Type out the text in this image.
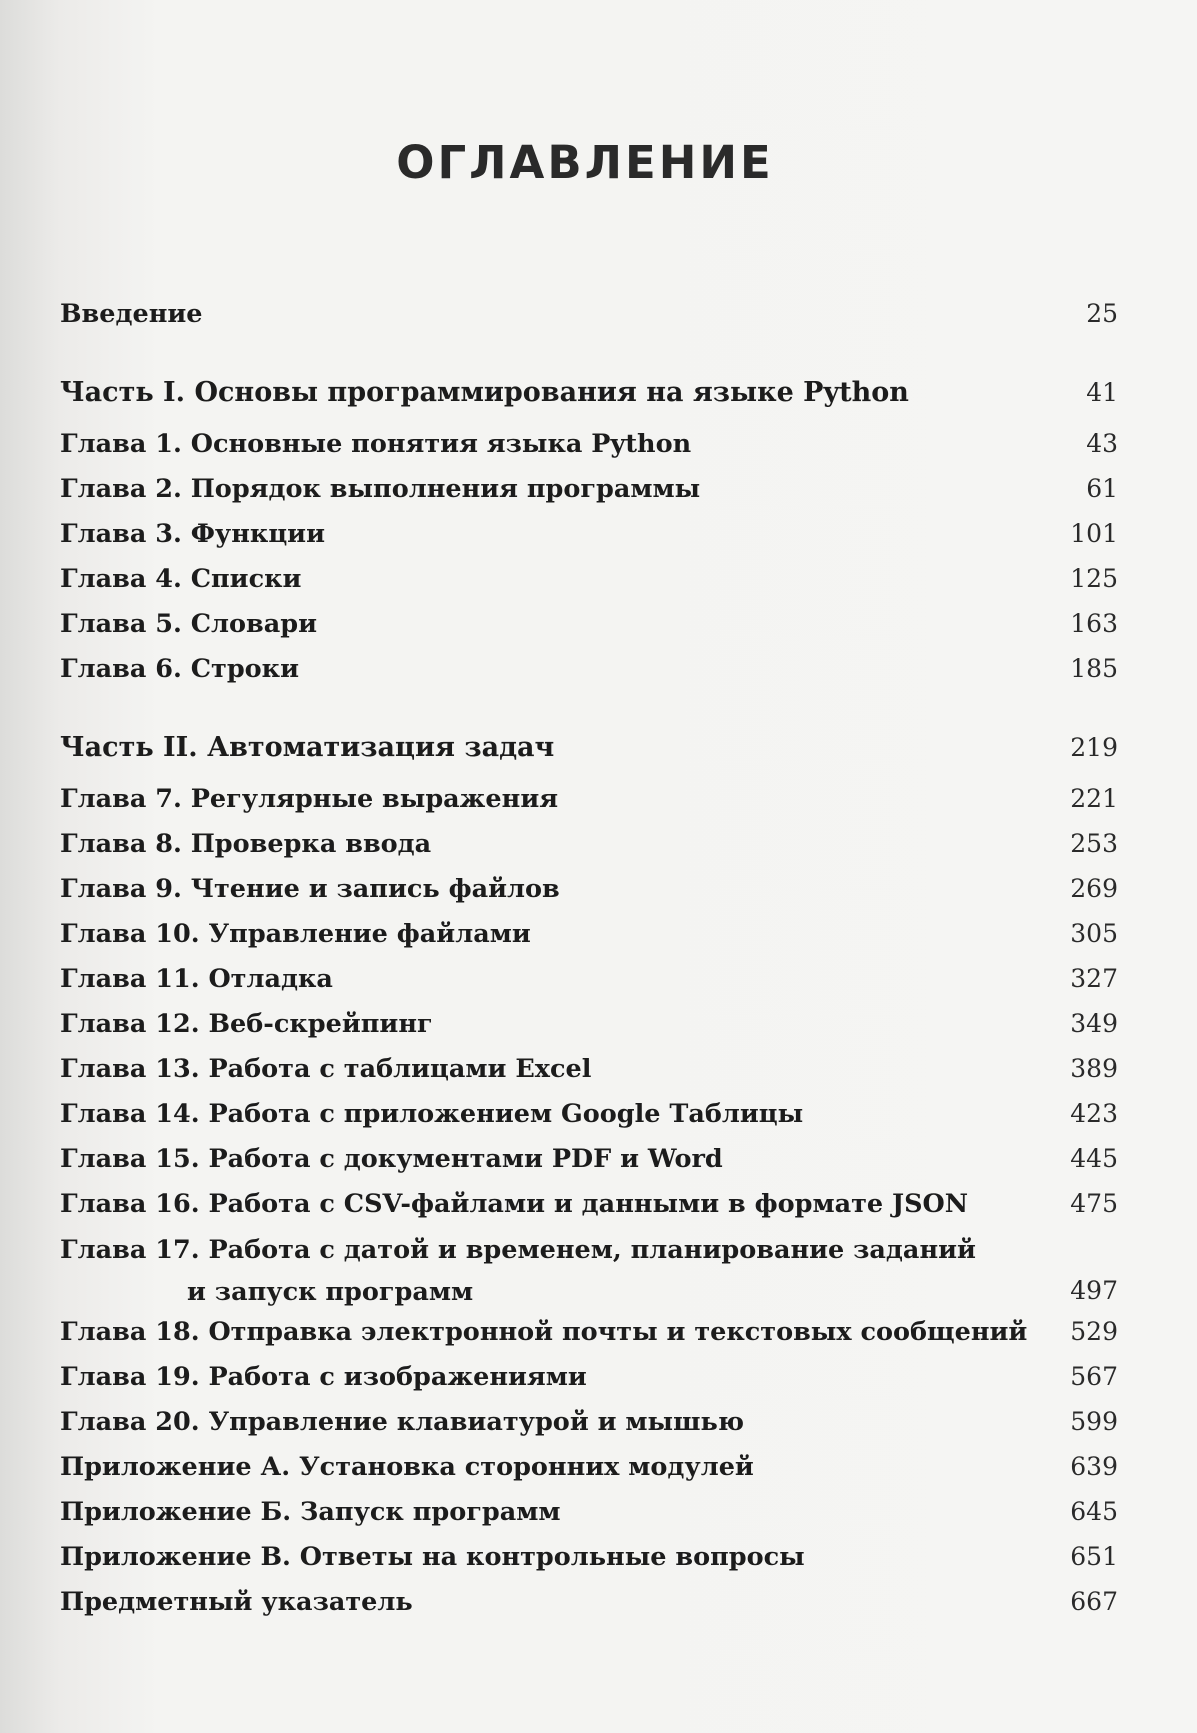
ОГЛАВЛЕНИЕ
Введение	25
Часть I. Основы программирования на языке Python	41
Глава 1. Основные понятия языка Python	43
Глава 2. Порядок выполнения программы	61
Глава 3. Функции	101
Глава 4. Списки	125
Глава 5. Словари	163
Глава 6. Строки	185
Часть II. Автоматизация задач	219
Глава 7. Регулярные выражения	221
Глава 8. Проверка ввода	253
Глава 9. Чтение и запись файлов	269
Глава 10. Управление файлами	305
Глава 11. Отладка	327
Глава 12. Веб-скрейпинг	349
Глава 13. Работа с таблицами Excel	389
Глава 14. Работа с приложением Google Таблицы	423
Глава 15. Работа с документами PDF и Word	445
Глава 16. Работа с CSV-файлами и данными в формате JSON	475
Глава 17. Работа с датой и временем, планирование заданий
и запуск программ	497
Глава 18. Отправка электронной почты и текстовых сообщений 529
Глава 19. Работа с изображениями	567
Глава 20. Управление клавиатурой и мышью	599
Приложение А. Установка сторонних модулей	639
Приложение Б. Запуск программ	645
Приложение В. Ответы на контрольные вопросы	651
Предметный указатель	667
